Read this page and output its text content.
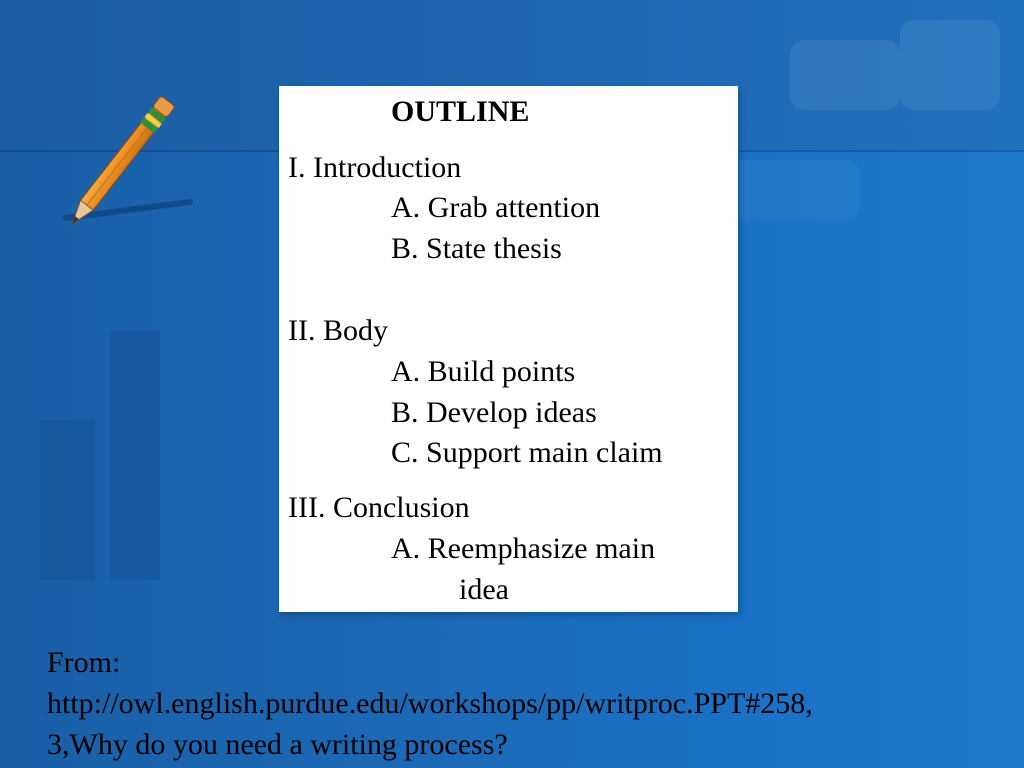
OUTLINE
I. Introduction
A. Grab attention
B. State thesis
II. Body
A. Build points
B. Develop ideas
C. Support main claim
III. Conclusion
A. Reemphasize main
idea
From:
http://owl.english.purdue.edu/workshops/pp/writproc.PPT#258,
3,Why do you need a writing process?
